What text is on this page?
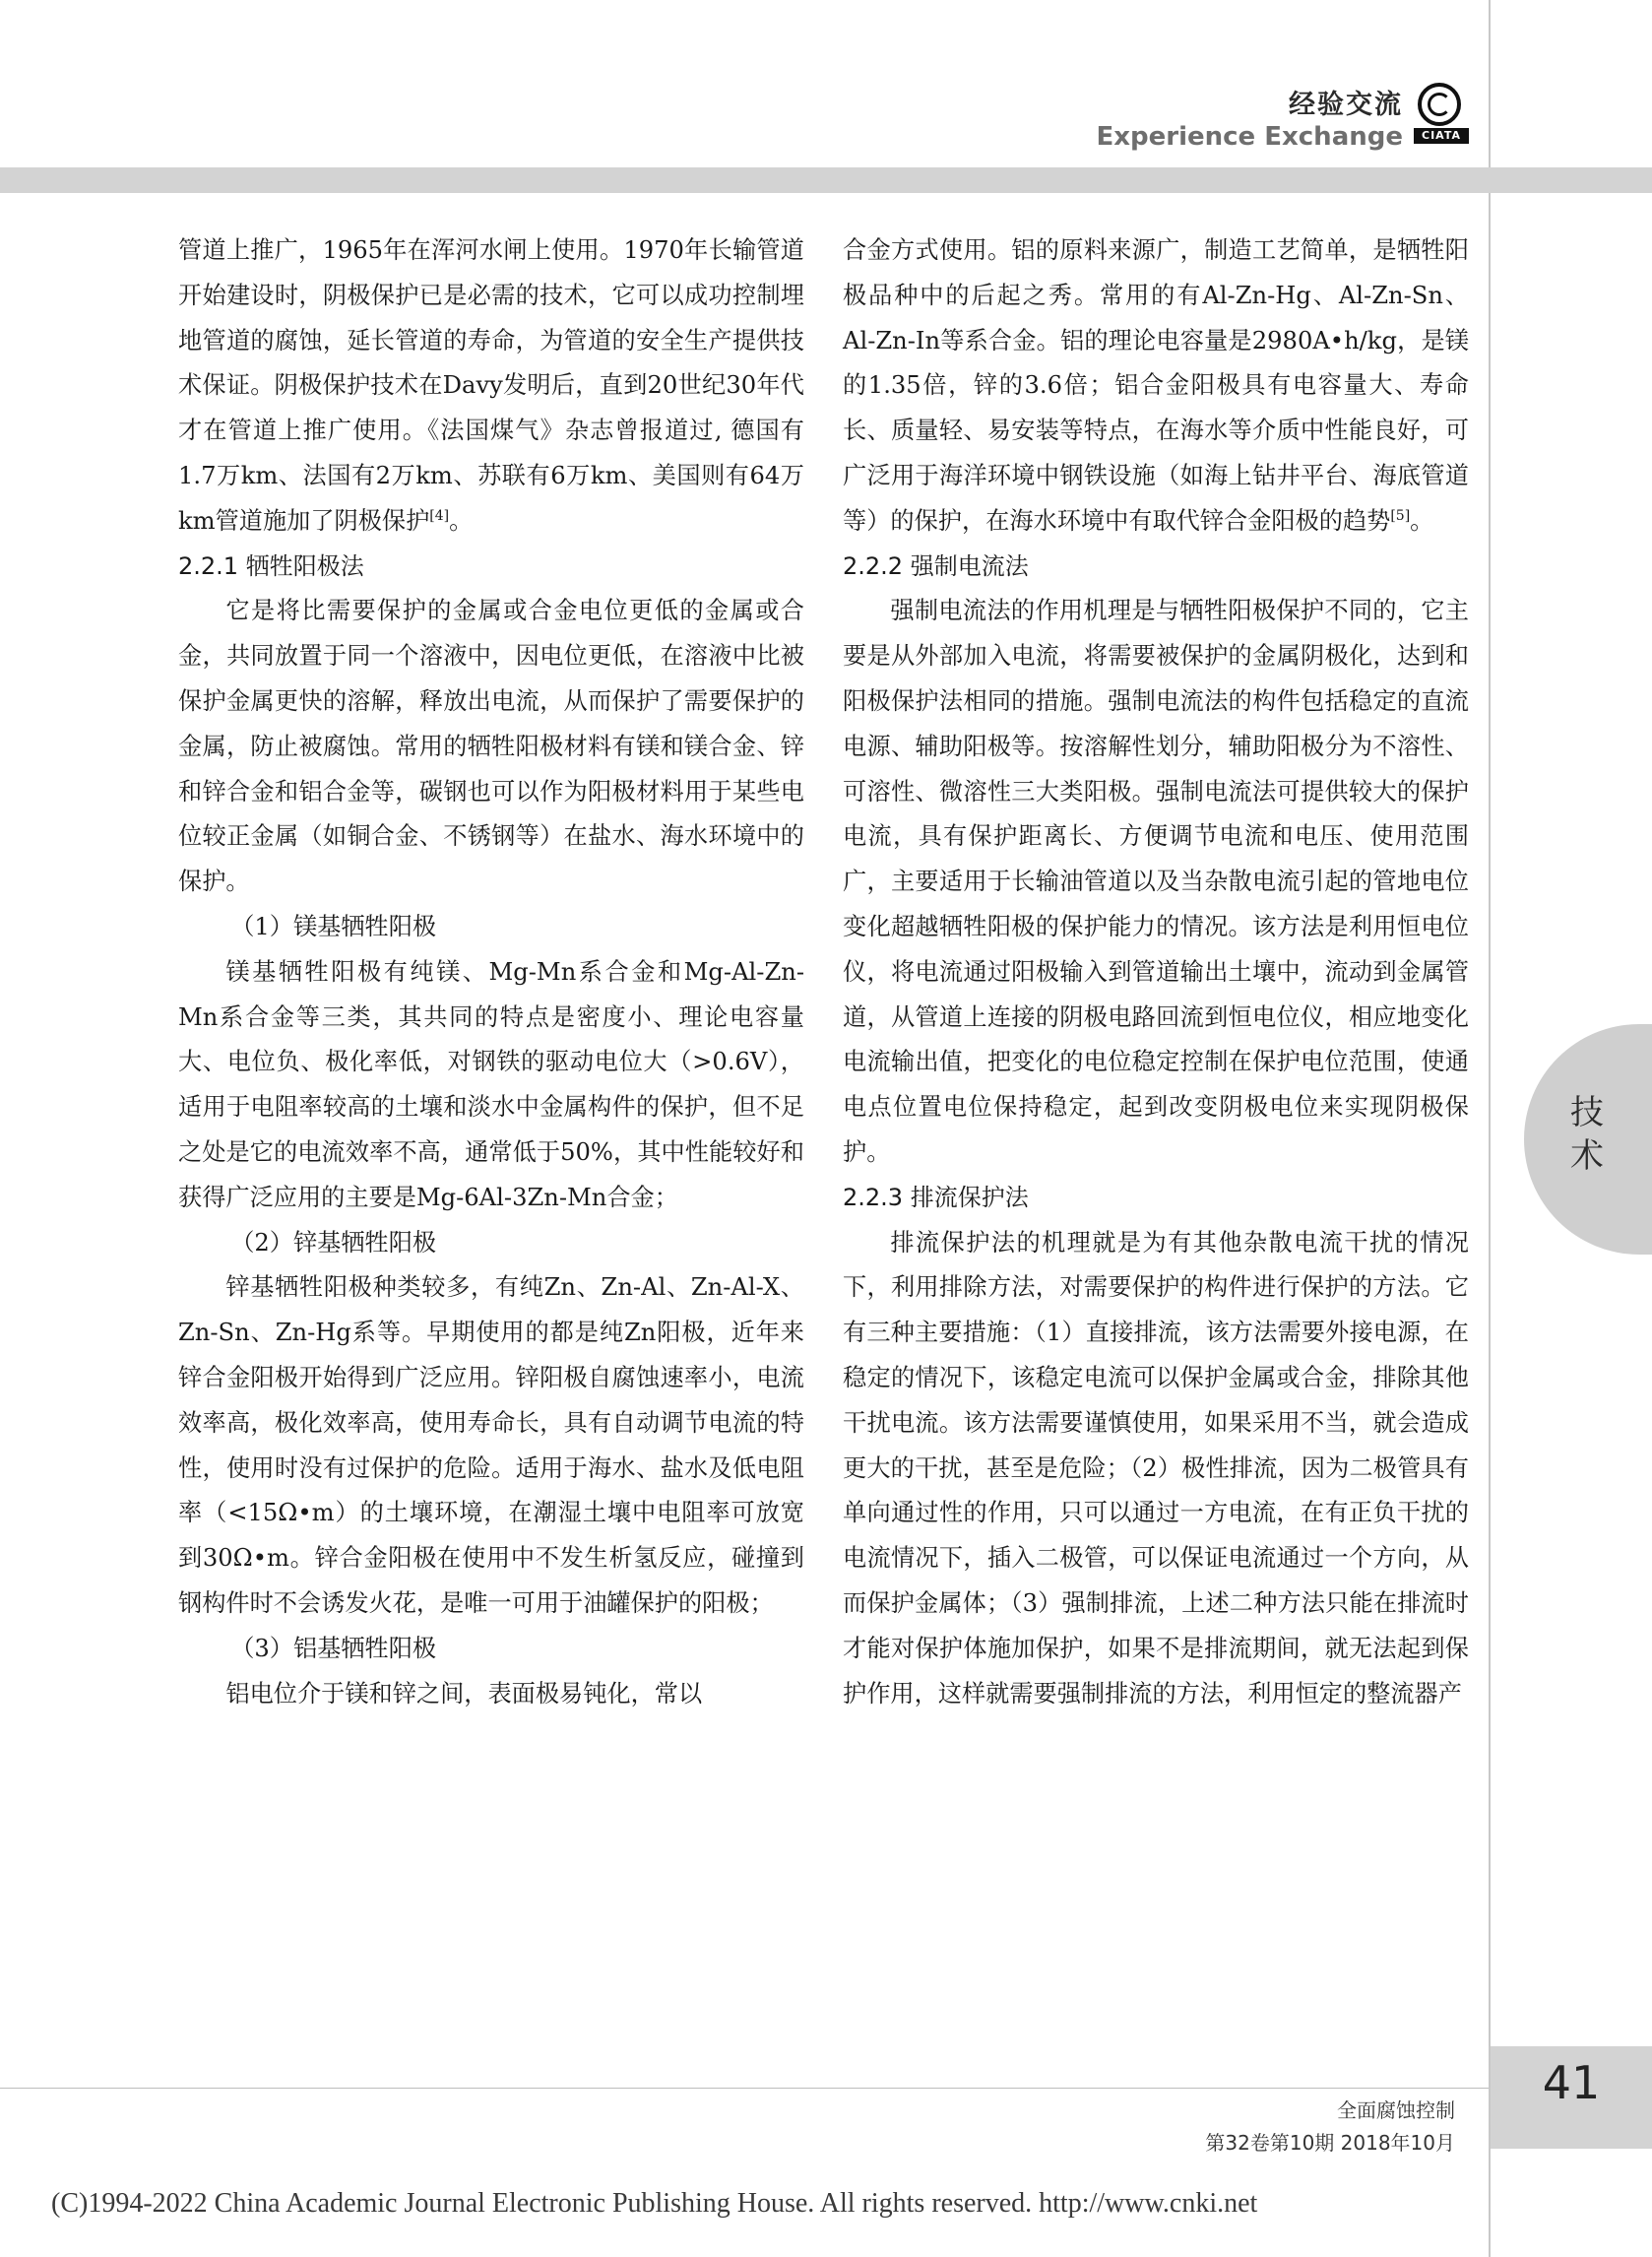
经验交流
Experience Exchange	CIATA

管道上推广，1965年在浑河水闸上使用。1970年长输管道开始建设时，阴极保护已是必需的技术，它可以成功控制埋地管道的腐蚀，延长管道的寿命，为管道的安全生产提供技术保证。阴极保护技术在Davy发明后，直到20世纪30年代才在管道上推广使用。《法国煤气》杂志曾报道过, 德国有1.7万km、法国有2万km、苏联有6万km、美国则有64万km管道施加了阴极保护[4]。

2.2.1 牺牲阳极法

它是将比需要保护的金属或合金电位更低的金属或合金，共同放置于同一个溶液中，因电位更低，在溶液中比被保护金属更快的溶解，释放出电流，从而保护了需要保护的金属，防止被腐蚀。常用的牺牲阳极材料有镁和镁合金、锌和锌合金和铝合金等，碳钢也可以作为阳极材料用于某些电位较正金属（如铜合金、不锈钢等）在盐水、海水环境中的保护。

（1）镁基牺牲阳极

镁基牺牲阳极有纯镁、Mg-Mn系合金和Mg-Al-Zn-Mn系合金等三类，其共同的特点是密度小、理论电容量大、电位负、极化率低，对钢铁的驱动电位大（>0.6V），适用于电阻率较高的土壤和淡水中金属构件的保护，但不足之处是它的电流效率不高，通常低于50%，其中性能较好和获得广泛应用的主要是Mg-6Al-3Zn-Mn合金；

（2）锌基牺牲阳极

锌基牺牲阳极种类较多，有纯Zn、Zn-Al、Zn-Al-X、Zn-Sn、Zn-Hg系等。早期使用的都是纯Zn阳极，近年来锌合金阳极开始得到广泛应用。锌阳极自腐蚀速率小，电流效率高，极化效率高，使用寿命长，具有自动调节电流的特性，使用时没有过保护的危险。适用于海水、盐水及低电阻率（<15Ω•m）的土壤环境，在潮湿土壤中电阻率可放宽到30Ω•m。锌合金阳极在使用中不发生析氢反应，碰撞到钢构件时不会诱发火花，是唯一可用于油罐保护的阳极；

（3）铝基牺牲阳极

铝电位介于镁和锌之间，表面极易钝化，常以

合金方式使用。铝的原料来源广，制造工艺简单，是牺牲阳极品种中的后起之秀。常用的有Al-Zn-Hg、Al-Zn-Sn、Al-Zn-In等系合金。铝的理论电容量是2980A•h/kg，是镁的1.35倍，锌的3.6倍；铝合金阳极具有电容量大、寿命长、质量轻、易安装等特点，在海水等介质中性能良好，可广泛用于海洋环境中钢铁设施（如海上钻井平台、海底管道等）的保护，在海水环境中有取代锌合金阳极的趋势[5]。

2.2.2 强制电流法

强制电流法的作用机理是与牺牲阳极保护不同的，它主要是从外部加入电流，将需要被保护的金属阴极化，达到和阳极保护法相同的措施。强制电流法的构件包括稳定的直流电源、辅助阳极等。按溶解性划分，辅助阳极分为不溶性、可溶性、微溶性三大类阳极。强制电流法可提供较大的保护电流，具有保护距离长、方便调节电流和电压、使用范围广，主要适用于长输油管道以及当杂散电流引起的管地电位变化超越牺牲阳极的保护能力的情况。该方法是利用恒电位仪，将电流通过阳极输入到管道输出土壤中，流动到金属管道，从管道上连接的阴极电路回流到恒电位仪，相应地变化电流输出值，把变化的电位稳定控制在保护电位范围，使通电点位置电位保持稳定，起到改变阴极电位来实现阴极保护。

2.2.3 排流保护法

排流保护法的机理就是为有其他杂散电流干扰的情况下，利用排除方法，对需要保护的构件进行保护的方法。它有三种主要措施：（1）直接排流，该方法需要外接电源，在稳定的情况下，该稳定电流可以保护金属或合金，排除其他干扰电流。该方法需要谨慎使用，如果采用不当，就会造成更大的干扰，甚至是危险；（2）极性排流，因为二极管具有单向通过性的作用，只可以通过一方电流，在有正负干扰的电流情况下，插入二极管，可以保证电流通过一个方向，从而保护金属体；（3）强制排流，上述二种方法只能在排流时才能对保护体施加保护，如果不是排流期间，就无法起到保护作用，这样就需要强制排流的方法，利用恒定的整流器产

技 术
全面腐蚀控制
第32卷第10期 2018年10月
41
(C)1994-2022 China Academic Journal Electronic Publishing House. All rights reserved. http://www.cnki.net
